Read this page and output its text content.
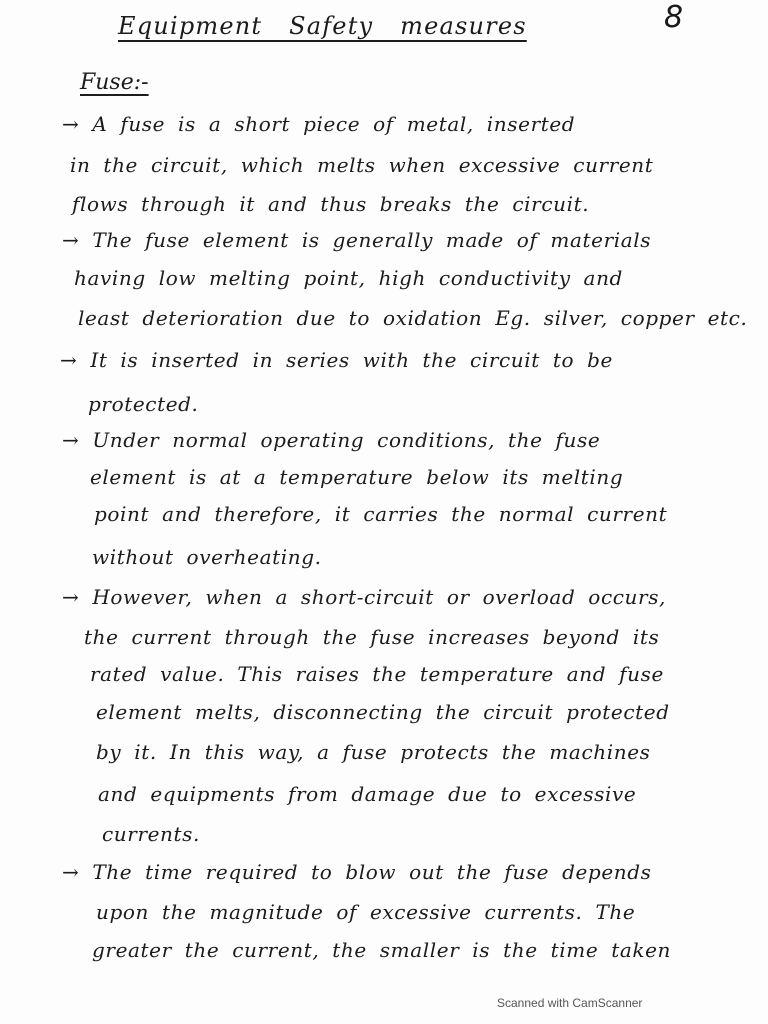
8
Equipment Safety measures
Fuse:-
→ A fuse is a short piece of metal, inserted
in the circuit, which melts when excessive current
flows through it and thus breaks the circuit.
→ The fuse element is generally made of materials
having low melting point, high conductivity and
least deterioration due to oxidation Eg. silver, copper etc.
→ It is inserted in series with the circuit to be
protected.
→ Under normal operating conditions, the fuse
element is at a temperature below its melting
point and therefore, it carries the normal current
without overheating.
→ However, when a short-circuit or overload occurs,
the current through the fuse increases beyond its
rated value. This raises the temperature and fuse
element melts, disconnecting the circuit protected
by it. In this way, a fuse protects the machines
and equipments from damage due to excessive
currents.
→ The time required to blow out the fuse depends
upon the magnitude of excessive currents. The
greater the current, the smaller is the time taken
Scanned with CamScanner
